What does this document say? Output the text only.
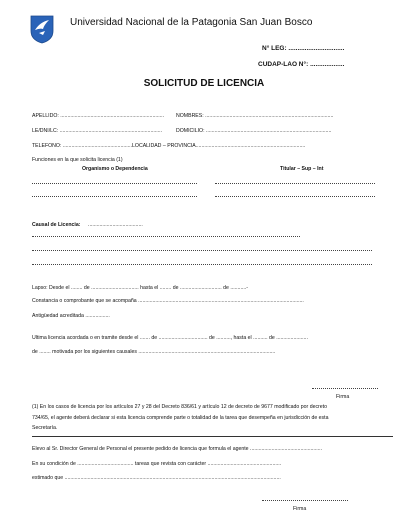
Universidad Nacional de la Patagonia San Juan Bosco
N° LEG: ...............................
CUDAP-LAO N°: ...................
SOLICITUD DE LICENCIA
APELLIDO: ........................................................................ NOMBRES: .........................................................................................
LE/DNI/LC: .......................................................................	DOMICILIO: .......................................................................................
TELEFONO: ................................................LOCALIDAD – PROVINCIA............................................................................
Funciones en la que solicita licencia (1)
Organismo o Dependencia	Titular – Sup – Int
Causal de Licencia: ......................................
Lapso: Desde el ........ de ................................. hasta el ........ de ............................. de ...........-
Constancia o comprobante que se acompaña ...................................................................................................................
Antigüedad acreditada .................
Ultima licencia acordada o en tramite desde el ....... de .................................. de .........., hasta el .......... de ......................
de ........ motivada por los siguientes causales ...............................................................................................
Firma
(1) En los casos de licencia por los artículos 27 y 28 del Decreto 836/61 y artículo 12 de decreto de 9677 modificado por decreto
734/65, el agente deberá declarar si esta licencia comprende parte o totalidad de la tarea que desempeña en jurisdicción de esta
Secretaría.
Elevo al Sr. Director General de Personal el presente pedido de licencia que formula el agente ..................................................
En su condición de ....................................... tareas que revista con carácter ...................................................
estimado que ......................................................................................................................................................
Firma
